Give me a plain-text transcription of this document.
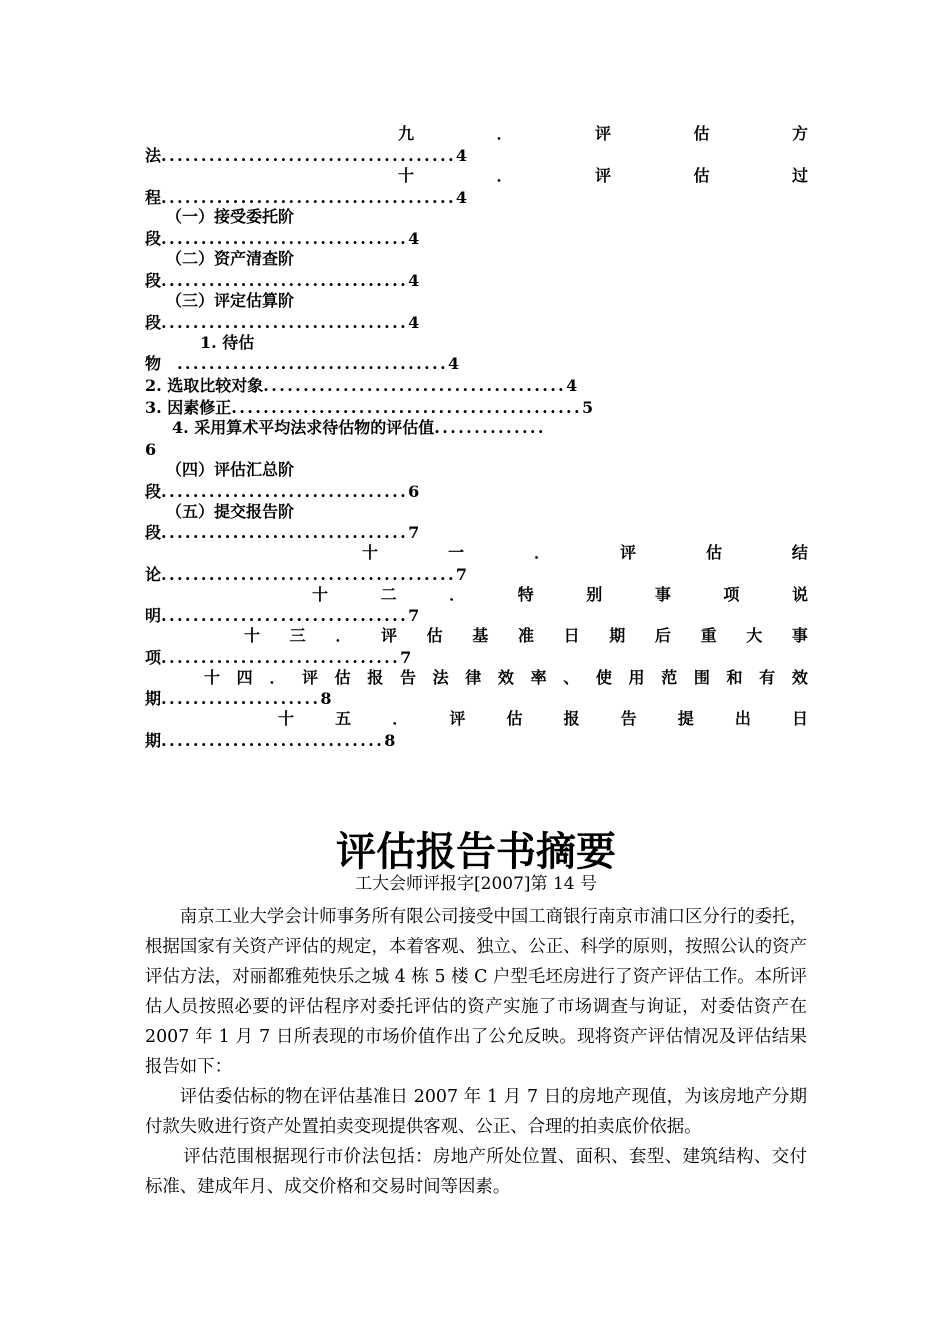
九	．	评	估	方
法 ..................................... 4
十	．	评	估	过
程 ..................................... 4
（一）接受委托阶
段 ............................... 4
（二）资产清查阶
段 ............................... 4
（三）评定估算阶
段 ............................... 4
1. 待估
物 .................................. 4
2. 选取比较对象 ...................................... 4
3. 因素修正 ............................................ 5
4. 采用算术平均法求待估物的评估值 ..............
6
（四）评估汇总阶
段 ............................... 6
（五）提交报告阶
段 ............................... 7
十	一	．	评	估	结
论 ..................................... 7
十	二	．	特	别	事	项	说
明 ............................... 7
十 三 ． 评 估 基 准 日 期 后 重 大 事
项 .............................. 7
十 四 ． 评 估 报 告 法 律 效 率 、 使 用 范 围 和 有 效
期 .................... 8
十	五	．	评	估	报	告	提	出	日
期 ............................ 8
评估报告书摘要
工大会师评报字[2007]第 14 号

南京工业大学会计师事务所有限公司接受中国工商银行南京市浦口区分行的委托，根据国家有关资产评估的规定，本着客观、独立、公正、科学的原则，按照公认的资产评估方法，对丽都雅苑快乐之城 4 栋 5 楼 C 户型毛坯房进行了资产评估工作。本所评估人员按照必要的评估程序对委托评估的资产实施了市场调查与询证，对委估资产在 2007 年 1 月 7 日所表现的市场价值作出了公允反映。现将资产评估情况及评估结果报告如下：

评估委估标的物在评估基准日 2007 年 1 月 7 日的房地产现值，为该房地产分期付款失败进行资产处置拍卖变现提供客观、公正、合理的拍卖底价依据。

评估范围根据现行市价法包括：房地产所处位置、面积、套型、建筑结构、交付标准、建成年月、成交价格和交易时间等因素。
